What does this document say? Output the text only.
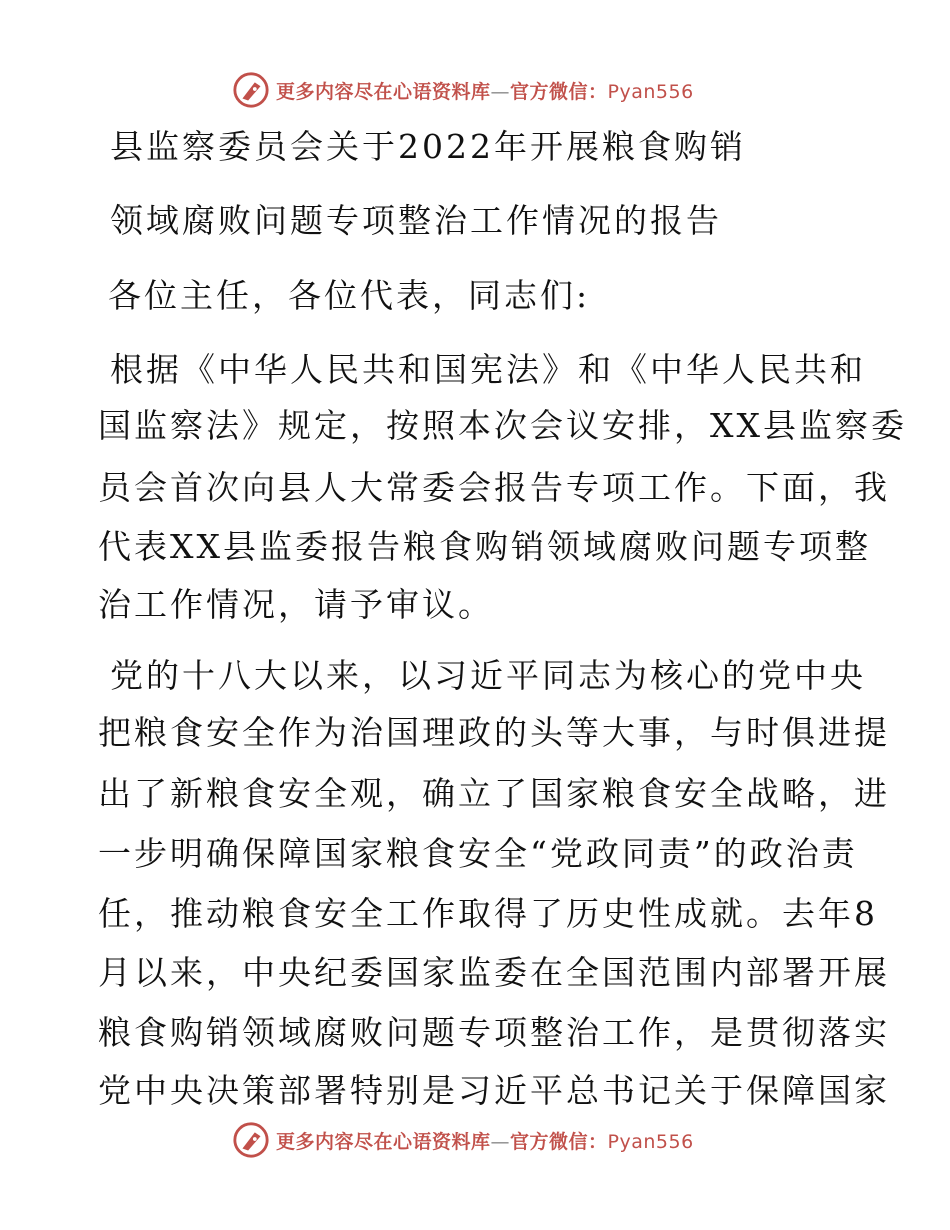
更多内容尽在心语资料库—官方微信：Pyan556
县监察委员会关于2022年开展粮食购销
领域腐败问题专项整治工作情况的报告
各位主任，各位代表，同志们:
根据《中华人民共和国宪法》和《中华人民共和
国监察法》规定，按照本次会议安排，XX县监察委
员会首次向县人大常委会报告专项工作。下面，我
代表XX县监委报告粮食购销领域腐败问题专项整
治工作情况，请予审议。
党的十八大以来，以习近平同志为核心的党中央
把粮食安全作为治国理政的头等大事，与时俱进提
出了新粮食安全观，确立了国家粮食安全战略，进
一步明确保障国家粮食安全“党政同责”的政治责
任，推动粮食安全工作取得了历史性成就。去年8
月以来，中央纪委国家监委在全国范围内部署开展
粮食购销领域腐败问题专项整治工作，是贯彻落实
党中央决策部署特别是习近平总书记关于保障国家
更多内容尽在心语资料库—官方微信：Pyan556
